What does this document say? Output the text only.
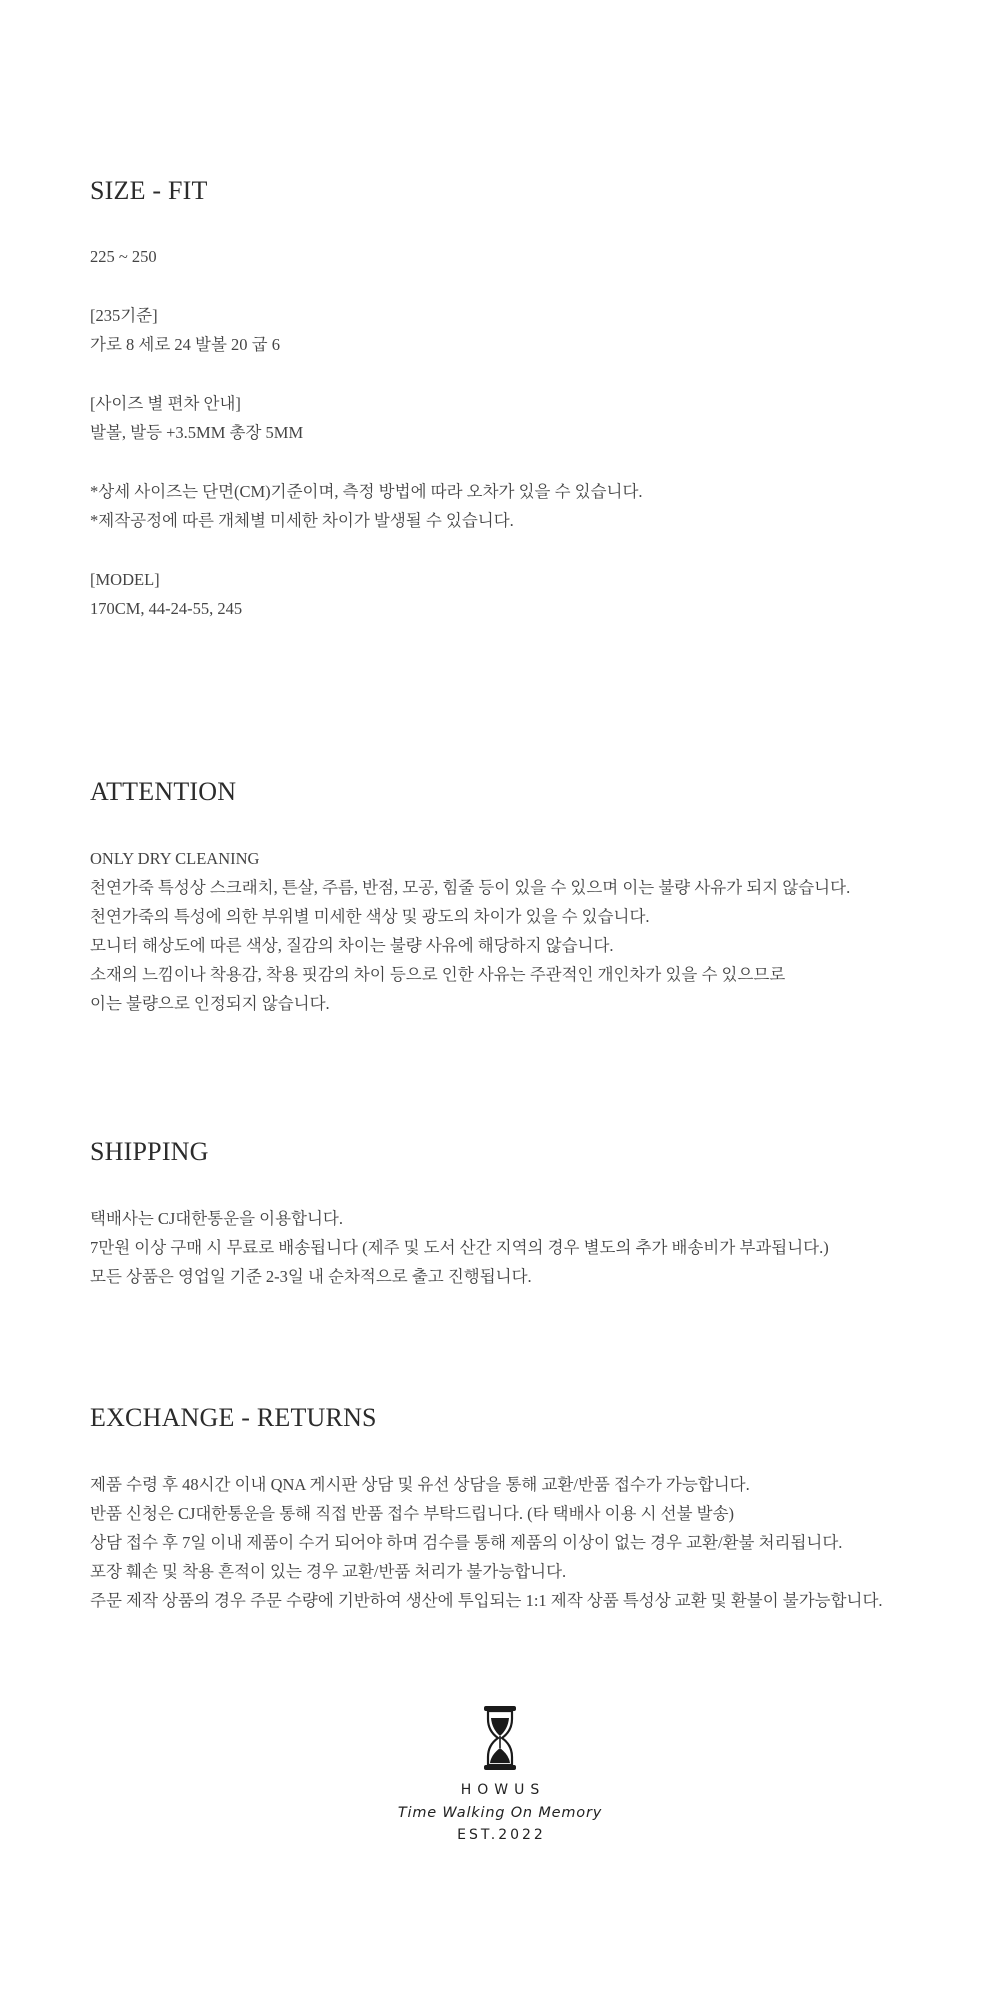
SIZE - FIT
225 ~ 250
[235기준]
가로 8 세로 24 발볼 20 굽 6
[사이즈 별 편차 안내]
발볼, 발등 +3.5MM 총장 5MM
*상세 사이즈는 단면(CM)기준이며, 측정 방법에 따라 오차가 있을 수 있습니다.
*제작공정에 따른 개체별 미세한 차이가 발생될 수 있습니다.
[MODEL]
170CM, 44-24-55, 245
ATTENTION
ONLY DRY CLEANING
천연가죽 특성상 스크래치, 튼살, 주름, 반점, 모공, 힘줄 등이 있을 수 있으며 이는 불량 사유가 되지 않습니다.
천연가죽의 특성에 의한 부위별 미세한 색상 및 광도의 차이가 있을 수 있습니다.
모니터 해상도에 따른 색상, 질감의 차이는 불량 사유에 해당하지 않습니다.
소재의 느낌이나 착용감, 착용 핏감의 차이 등으로 인한 사유는 주관적인 개인차가 있을 수 있으므로
이는 불량으로 인정되지 않습니다.
SHIPPING
택배사는 CJ대한통운을 이용합니다.
7만원 이상 구매 시 무료로 배송됩니다 (제주 및 도서 산간 지역의 경우 별도의 추가 배송비가 부과됩니다.)
모든 상품은 영업일 기준 2-3일 내 순차적으로 출고 진행됩니다.
EXCHANGE - RETURNS
제품 수령 후 48시간 이내 QNA 게시판 상담 및 유선 상담을 통해 교환/반품 접수가 가능합니다.
반품 신청은 CJ대한통운을 통해 직접 반품 접수 부탁드립니다. (타 택배사 이용 시 선불 발송)
상담 접수 후 7일 이내 제품이 수거 되어야 하며 검수를 통해 제품의 이상이 없는 경우 교환/환불 처리됩니다.
포장 훼손 및 착용 흔적이 있는 경우 교환/반품 처리가 불가능합니다.
주문 제작 상품의 경우 주문 수량에 기반하여 생산에 투입되는 1:1 제작 상품 특성상 교환 및 환불이 불가능합니다.
HOWUS
Time Walking On Memory
EST.2022
